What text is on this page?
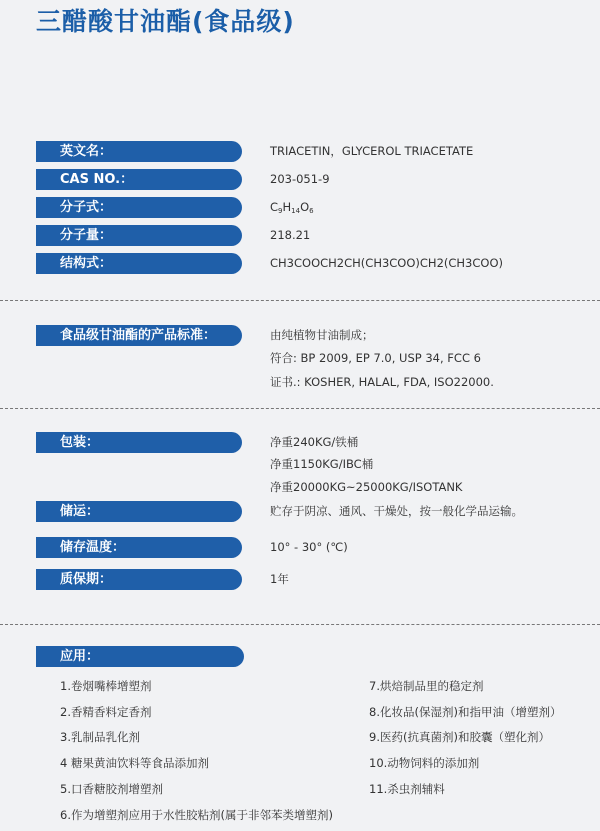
三醋酸甘油酯(食品级)
英文名：	TRIACETIN，GLYCEROL TRIACETATE
CAS NO.：	203-051-9
分子式：	$C_9H_{14}O_6$
分子量：	218.21
结构式：	CH3COOCH2CH(CH3COO)CH2(CH3COO)
食品级甘油酯的产品标准：	由纯植物甘油制成；
符合: BP 2009, EP 7.0, USP 34, FCC 6
证书.: KOSHER, HALAL, FDA, ISO22000.
包装：	净重240KG/铁桶
净重1150KG/IBC桶
净重20000KG~25000KG/ISOTANK
储运：	贮存于阴凉、通风、干燥处，按一般化学品运输。
储存温度：	10° - 30° (℃)
质保期：	1年
应用：
1.卷烟嘴棒增塑剂
2.香精香料定香剂
3.乳制品乳化剂
4 糖果黄油饮料等食品添加剂
5.口香糖胶剂增塑剂
6.作为增塑剂应用于水性胶粘剂(属于非邻苯类增塑剂)
7.烘焙制品里的稳定剂
8.化妆品(保湿剂)和指甲油（增塑剂）
9.医药(抗真菌剂)和胶囊（塑化剂）
10.动物饲料的添加剂
11.杀虫剂辅料
